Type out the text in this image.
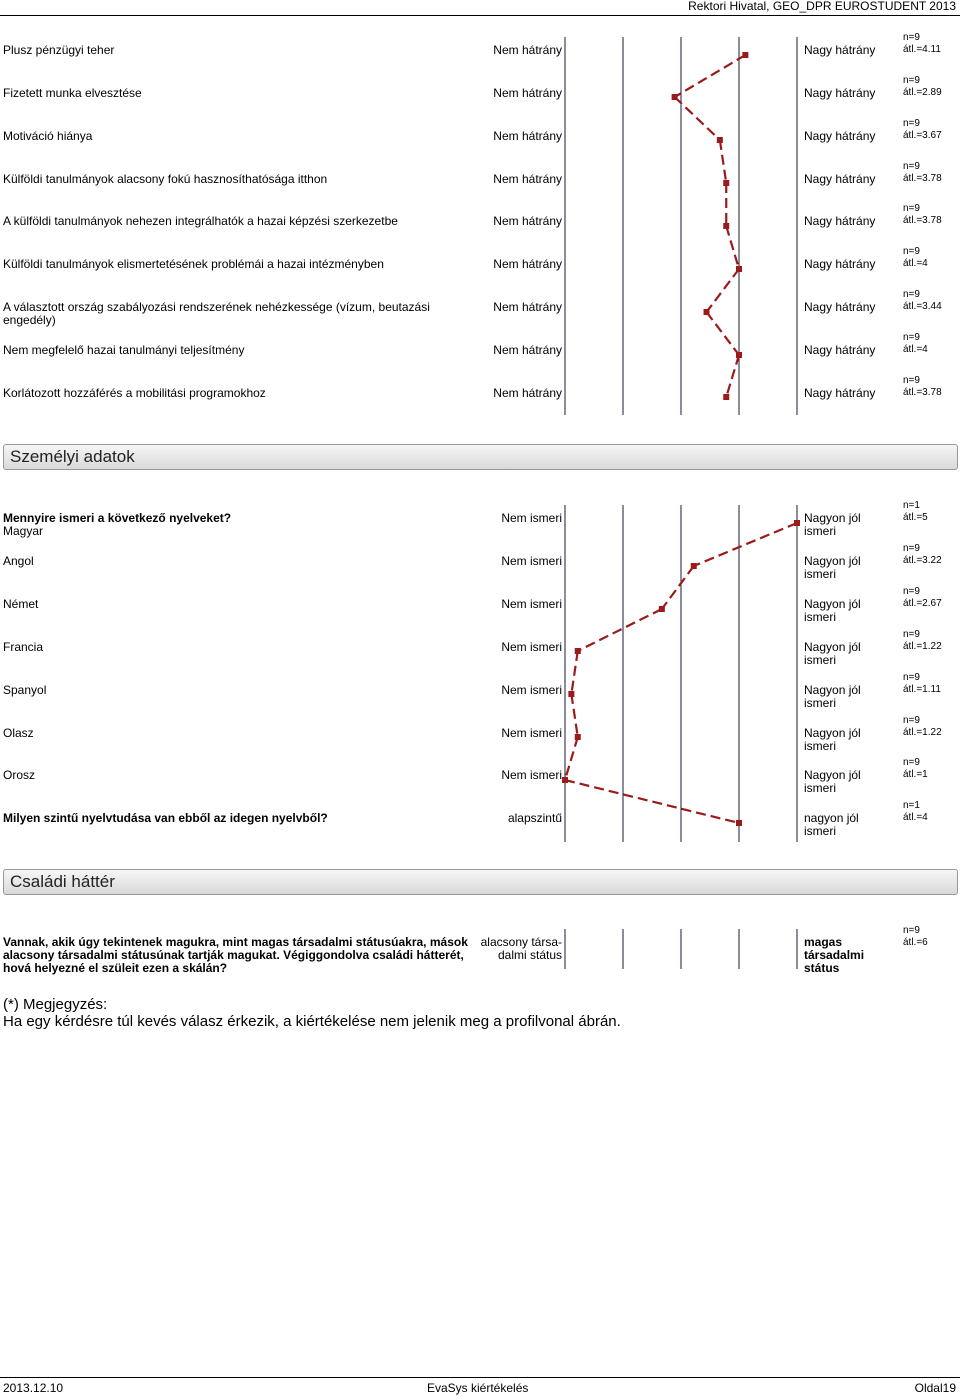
Rektori Hivatal, GEO_DPR EUROSTUDENT 2013
Plusz pénzügyi teher
Fizetett munka elvesztése
Motiváció hiánya
Külföldi tanulmányok alacsony fokú hasznosíthatósága itthon
A külföldi tanulmányok nehezen integrálhatók a hazai képzési szerkezetbe
Külföldi tanulmányok elismertetésének problémái a hazai intézményben
A választott ország szabályozási rendszerének nehézkessége (vízum, beutazási engedély)
Nem megfelelő hazai tanulmányi teljesítmény
Korlátozott hozzáférés a mobilitási programokhoz
Nem hátrány
Nem hátrány
Nem hátrány
Nem hátrány
Nem hátrány
Nem hátrány
Nem hátrány
Nem hátrány
Nem hátrány
Nagy hátrány
Nagy hátrány
Nagy hátrány
Nagy hátrány
Nagy hátrány
Nagy hátrány
Nagy hátrány
Nagy hátrány
Nagy hátrány
n=9
átl.=4.11
n=9
átl.=2.89
n=9
átl.=3.67
n=9
átl.=3.78
n=9
átl.=3.78
n=9
átl.=4
n=9
átl.=3.44
n=9
átl.=4
n=9
átl.=3.78
Személyi adatok
Mennyire ismeri a következő nyelveket?
Magyar
Angol
Német
Francia
Spanyol
Olasz
Orosz
Milyen szintű nyelvtudása van ebből az idegen nyelvből?
Nem ismeri
Nem ismeri
Nem ismeri
Nem ismeri
Nem ismeri
Nem ismeri
Nem ismeri
alapszintű
Nagyon jól ismeri
Nagyon jól ismeri
Nagyon jól ismeri
Nagyon jól ismeri
Nagyon jól ismeri
Nagyon jól ismeri
Nagyon jól ismeri
nagyon jól ismeri
n=1
átl.=5
n=9
átl.=3.22
n=9
átl.=2.67
n=9
átl.=1.22
n=9
átl.=1.11
n=9
átl.=1.22
n=9
átl.=1
n=1
átl.=4
Családi háttér
Vannak, akik úgy tekintenek magukra, mint magas társadalmi státusúakra, mások alacsony társadalmi státusúnak tartják magukat. Végiggondolva családi hátterét, hová helyezné el szüleit ezen a skálán?
alacsony társa-dalmi státus
magas társadalmi státus
n=9
átl.=6
(*) Megjegyzés:
Ha egy kérdésre túl kevés válasz érkezik, a kiértékelése nem jelenik meg a profilvonal ábrán.
2013.12.10	EvaSys kiértékelés	Oldal19
